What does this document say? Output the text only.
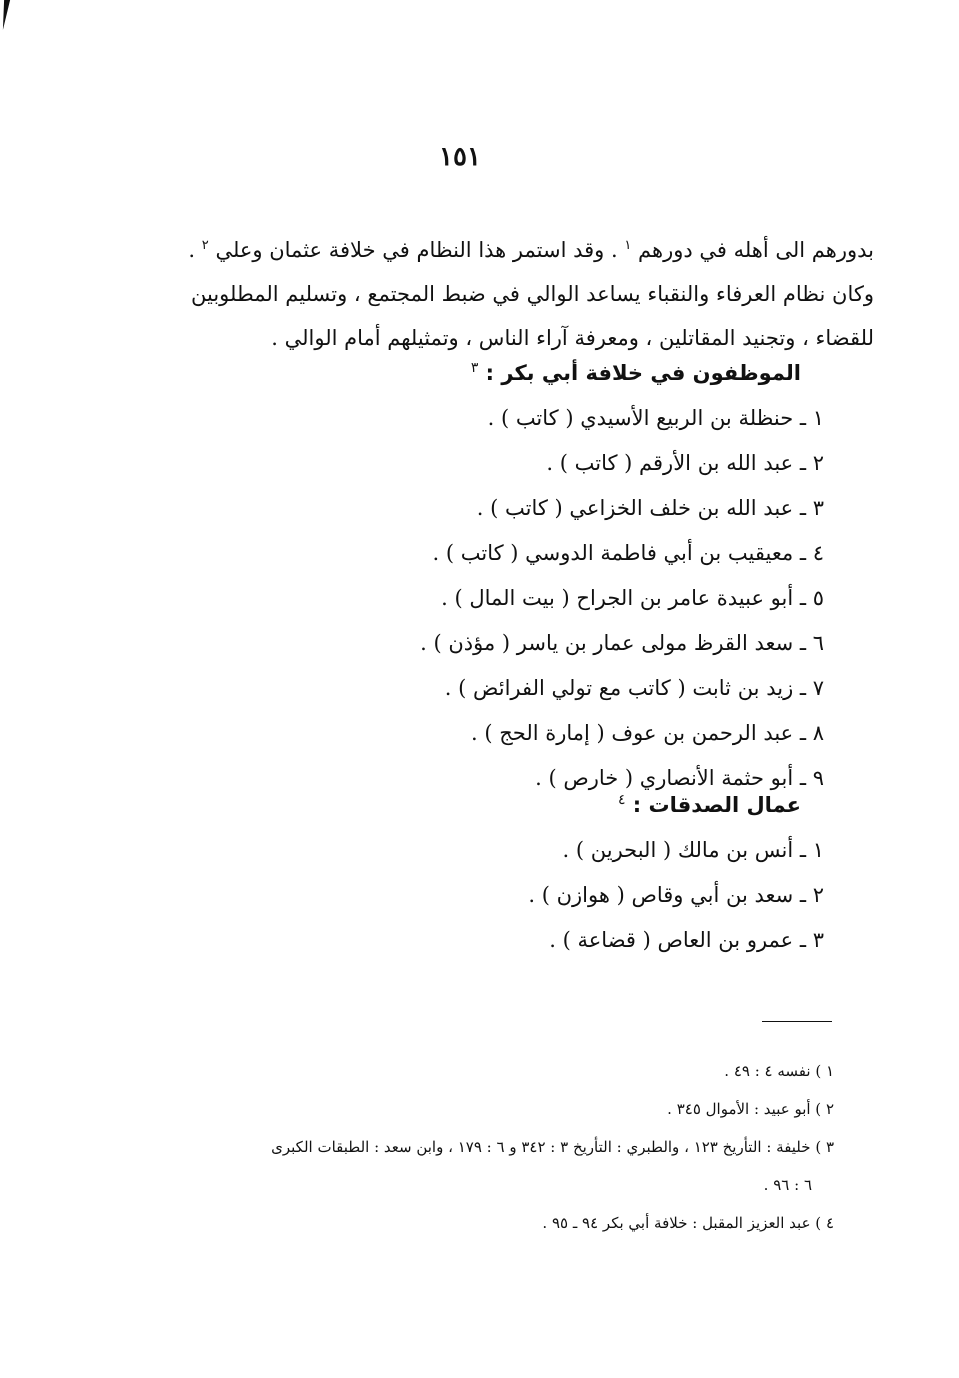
١٥١

بدورهم الى أهله في دورهم $^١$ . وقد استمر هذا النظام في خلافة عثمان وعلي $^٢$ .

وكان نظام العرفاء والنقباء يساعد الوالي في ضبط المجتمع ، وتسليم المطلوبين

للقضاء ، وتجنيد المقاتلين ، ومعرفة آراء الناس ، وتمثيلهم أمام الوالي .

الموظفون في خلافة أبي بكر : $^٣$
١ ـ حنظلة بن الربيع الأسيدي ( كاتب ) .
٢ ـ عبد الله بن الأرقم ( كاتب ) .
٣ ـ عبد الله بن خلف الخزاعي ( كاتب ) .
٤ ـ معيقيب بن أبي فاطمة الدوسي ( كاتب ) .
٥ ـ أبو عبيدة عامر بن الجراح ( بيت المال ) .
٦ ـ سعد القرظ مولى عمار بن ياسر ( مؤذن ) .
٧ ـ زيد بن ثابت ( كاتب مع تولي الفرائض ) .
٨ ـ عبد الرحمن بن عوف ( إمارة الحج ) .
٩ ـ أبو حثمة الأنصاري ( خارص ) .
عمال الصدقات : $^٤$
١ ـ أنس بن مالك ( البحرين ) .
٢ ـ سعد بن أبي وقاص ( هوازن ) .
٣ ـ عمرو بن العاص ( قضاعة ) .
١ ) نفسه ٤ : ٤٩ .
٢ ) أبو عبيد : الأموال ٣٤٥ .
٣ ) خليفة : التأريخ ١٢٣ ، والطبري : التأريخ ٣ : ٣٤٢ و ٦ : ١٧٩ ، وابن سعد : الطبقات الكبرى
٦ : ٩٦ .
٤ ) عبد العزيز المقبل : خلافة أبي بكر ٩٤ ـ ٩٥ .
